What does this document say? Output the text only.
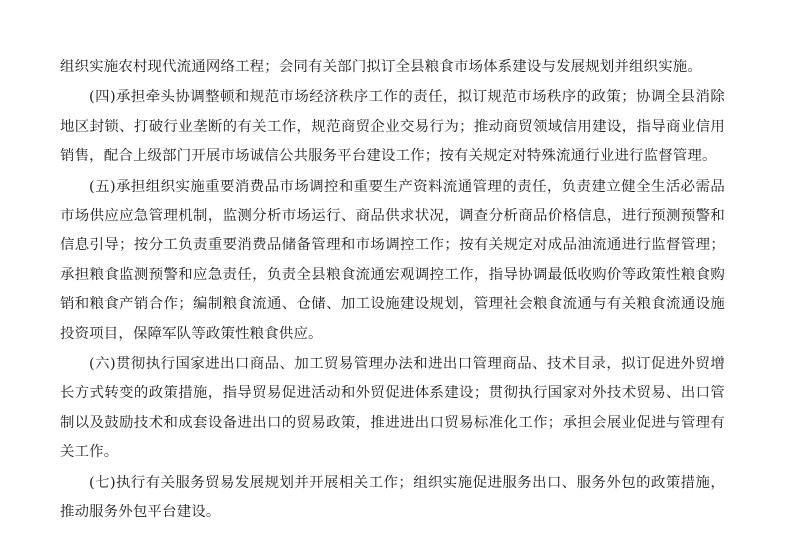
组织实施农村现代流通网络工程；会同有关部门拟订全县粮食市场体系建设与发展规划并组织实施。

(四)承担牵头协调整顿和规范市场经济秩序工作的责任，拟订规范市场秩序的政策；协调全县消除地区封锁、打破行业垄断的有关工作，规范商贸企业交易行为；推动商贸领域信用建设，指导商业信用销售，配合上级部门开展市场诚信公共服务平台建设工作；按有关规定对特殊流通行业进行监督管理。

(五)承担组织实施重要消费品市场调控和重要生产资料流通管理的责任，负责建立健全生活必需品市场供应应急管理机制，监测分析市场运行、商品供求状况，调查分析商品价格信息，进行预测预警和信息引导；按分工负责重要消费品储备管理和市场调控工作；按有关规定对成品油流通进行监督管理；承担粮食监测预警和应急责任，负责全县粮食流通宏观调控工作，指导协调最低收购价等政策性粮食购销和粮食产销合作；编制粮食流通、仓储、加工设施建设规划，管理社会粮食流通与有关粮食流通设施投资项目，保障军队等政策性粮食供应。

(六)贯彻执行国家进出口商品、加工贸易管理办法和进出口管理商品、技术目录，拟订促进外贸增长方式转变的政策措施，指导贸易促进活动和外贸促进体系建设；贯彻执行国家对外技术贸易、出口管制以及鼓励技术和成套设备进出口的贸易政策，推进进出口贸易标准化工作；承担会展业促进与管理有关工作。

(七)执行有关服务贸易发展规划并开展相关工作；组织实施促进服务出口、服务外包的政策措施，推动服务外包平台建设。
